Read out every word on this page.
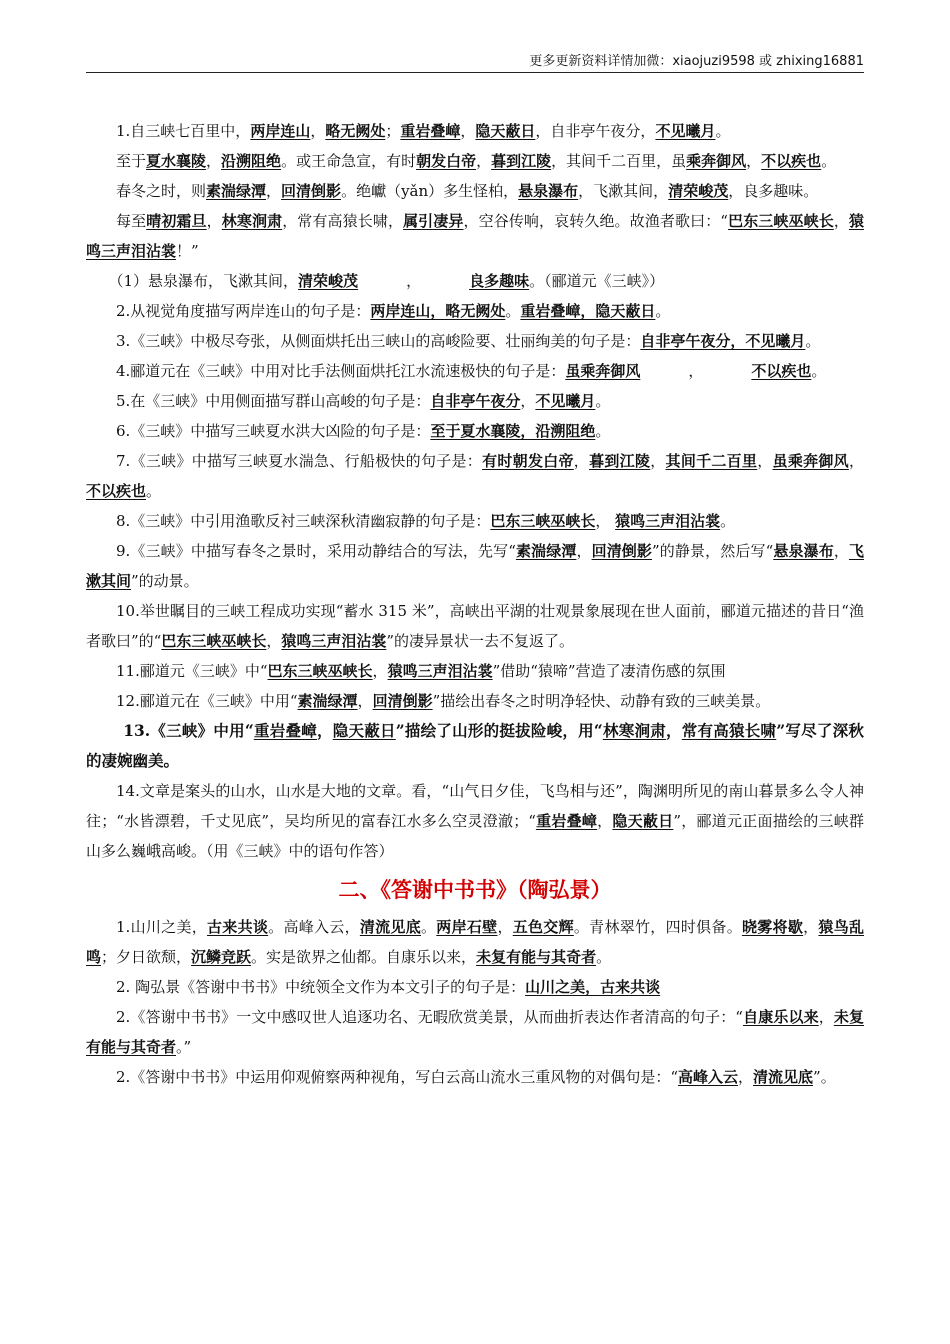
更多更新资料详情加微：xiaojuzi9598 或 zhixing16881

1.自三峡七百里中，两岸连山，略无阙处；重岩叠嶂，隐天蔽日，自非亭午夜分，不见曦月。

至于夏水襄陵，沿溯阻绝。或王命急宣，有时朝发白帝，暮到江陵，其间千二百里，虽乘奔御风，不以疾也。

春冬之时，则素湍绿潭，回清倒影。绝巘（yǎn）多生怪柏，悬泉瀑布，飞漱其间，清荣峻茂，良多趣味。

每至晴初霜旦，林寒涧肃，常有高猿长啸，属引凄异，空谷传响，哀转久绝。故渔者歌曰：“巴东三峡巫峡长，猿鸣三声泪沾裳！”

（1）悬泉瀑布，飞漱其间，清荣峻茂	，	良多趣味。（郦道元《三峡》）

2.从视觉角度描写两岸连山的句子是：两岸连山，略无阙处。重岩叠嶂，隐天蔽日。

3.《三峡》中极尽夸张，从侧面烘托出三峡山的高峻险要、壮丽绚美的句子是：自非亭午夜分，不见曦月。

4.郦道元在《三峡》中用对比手法侧面烘托江水流速极快的句子是：虽乘奔御风	，	不以疾也。

5.在《三峡》中用侧面描写群山高峻的句子是：自非亭午夜分，不见曦月。

6.《三峡》中描写三峡夏水洪大凶险的句子是：至于夏水襄陵，沿溯阻绝。

7.《三峡》中描写三峡夏水湍急、行船极快的句子是：有时朝发白帝，暮到江陵，其间千二百里，虽乘奔御风，不以疾也。

8.《三峡》中引用渔歌反衬三峡深秋清幽寂静的句子是：巴东三峡巫峡长， 猿鸣三声泪沾裳。

9.《三峡》中描写春冬之景时，采用动静结合的写法，先写“素湍绿潭，回清倒影”的静景，然后写“悬泉瀑布，飞漱其间”的动景。

10.举世瞩目的三峡工程成功实现“蓄水 315 米”，高峡出平湖的壮观景象展现在世人面前，郦道元描述的昔日“渔者歌曰”的“巴东三峡巫峡长，猿鸣三声泪沾裳”的凄异景状一去不复返了。

11.郦道元《三峡》中“巴东三峡巫峡长，猿鸣三声泪沾裳”借助“猿啼”营造了凄清伤感的氛围

12.郦道元在《三峡》中用“素湍绿潭，回清倒影”描绘出春冬之时明净轻快、动静有致的三峡美景。

13.《三峡》中用“重岩叠嶂，隐天蔽日”描绘了山形的挺拔险峻，用“林寒涧肃，常有高猿长啸”写尽了深秋的凄婉幽美。

14.文章是案头的山水，山水是大地的文章。看，“山气日夕佳，飞鸟相与还”，陶渊明所见的南山暮景多么令人神往；“水皆漂碧，千丈见底”，吴均所见的富春江水多么空灵澄澈；“重岩叠嶂，隐天蔽日”，郦道元正面描绘的三峡群山多么巍峨高峻。（用《三峡》中的语句作答）

二、《答谢中书书》（陶弘景）

1.山川之美，古来共谈。高峰入云，清流见底。两岸石壁，五色交辉。青林翠竹，四时俱备。晓雾将歇，猿鸟乱鸣；夕日欲颓，沉鳞竞跃。实是欲界之仙都。自康乐以来，未复有能与其奇者。

2. 陶弘景《答谢中书书》中统领全文作为本文引子的句子是：山川之美，古来共谈

2.《答谢中书书》一文中感叹世人追逐功名、无暇欣赏美景，从而曲折表达作者清高的句子：“自康乐以来，未复有能与其奇者。”

2.《答谢中书书》中运用仰观俯察两种视角，写白云高山流水三重风物的对偶句是：“高峰入云，清流见底”。
